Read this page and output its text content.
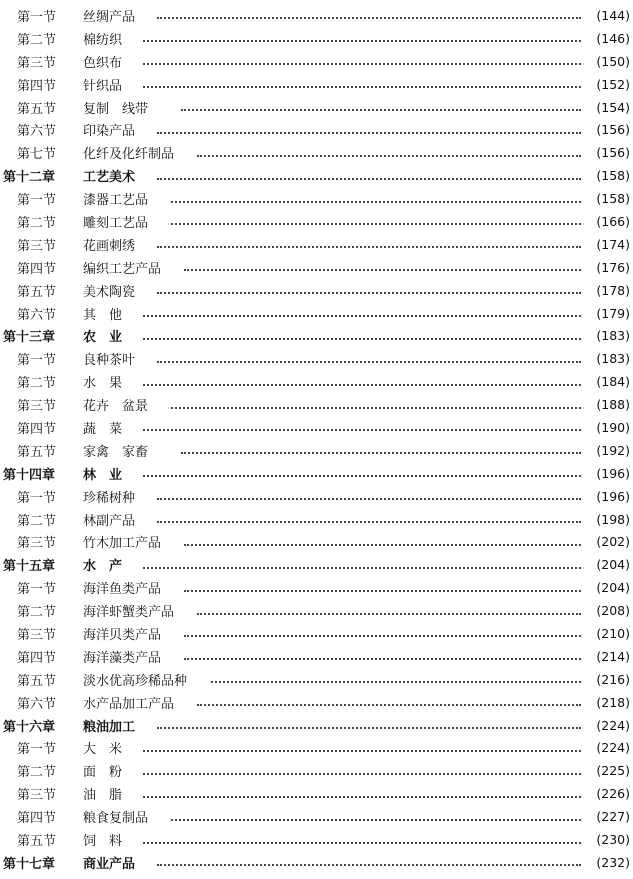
第一节	丝绸产品	(144)
第二节	棉纺织	(146)
第三节	色织布	(150)
第四节	针织品	(152)
第五节	复制　线带	(154)
第六节	印染产品	(156)
第七节	化纤及化纤制品	(156)
第十二章	工艺美术	(158)
第一节	漆器工艺品	(158)
第二节	雕刻工艺品	(166)
第三节	花画刺绣	(174)
第四节	编织工艺产品	(176)
第五节	美术陶瓷	(178)
第六节	其　他	(179)
第十三章	农　业	(183)
第一节	良种茶叶	(183)
第二节	水　果	(184)
第三节	花卉　盆景	(188)
第四节	蔬　菜	(190)
第五节	家禽　家畜	(192)
第十四章	林　业	(196)
第一节	珍稀树种	(196)
第二节	林副产品	(198)
第三节	竹木加工产品	(202)
第十五章	水　产	(204)
第一节	海洋鱼类产品	(204)
第二节	海洋虾蟹类产品	(208)
第三节	海洋贝类产品	(210)
第四节	海洋藻类产品	(214)
第五节	淡水优高珍稀品种	(216)
第六节	水产品加工产品	(218)
第十六章	粮油加工	(224)
第一节	大　米	(224)
第二节	面　粉	(225)
第三节	油　脂	(226)
第四节	粮食复制品	(227)
第五节	饲　料	(230)
第十七章	商业产品	(232)
